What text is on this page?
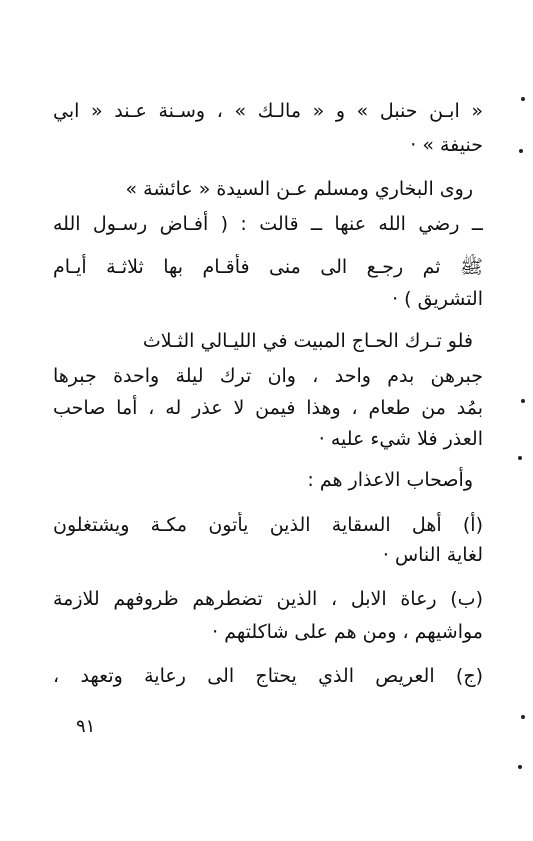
« ابـن حنبل » و « مالـك » ، وسـنة عـند « ابي
حنيفة » ·
روى البخاري ومسلم عـن السيدة « عائشة »
ــ رضي الله عنها ــ قالت : ( أفـاض رسـول الله
ﷺ ثم رجـع الى منى فأقـام بها ثلاثـة أيـام
التشريق ) ·
فلو تـرك الحـاج المبيت في الليـالي الثـلاث
جبرهن بدم واحد ، وان ترك ليلة واحدة جبرها
بمُد من طعام ، وهذا فيمن لا عذر له ، أما صاحب
العذر فلا شيء عليه ·
وأصحاب الاعذار هم :
(أ) أهل السقاية الذين يأتون مكـة ويشتغلون
لغاية الناس ·
(ب) رعاة الابل ، الذين تضطرهم ظروفهم للازمة
مواشيهم ، ومن هم على شاكلتهم ·
(ج) العريص الذي يحتاج الى رعاية وتعهد ،
٩١
